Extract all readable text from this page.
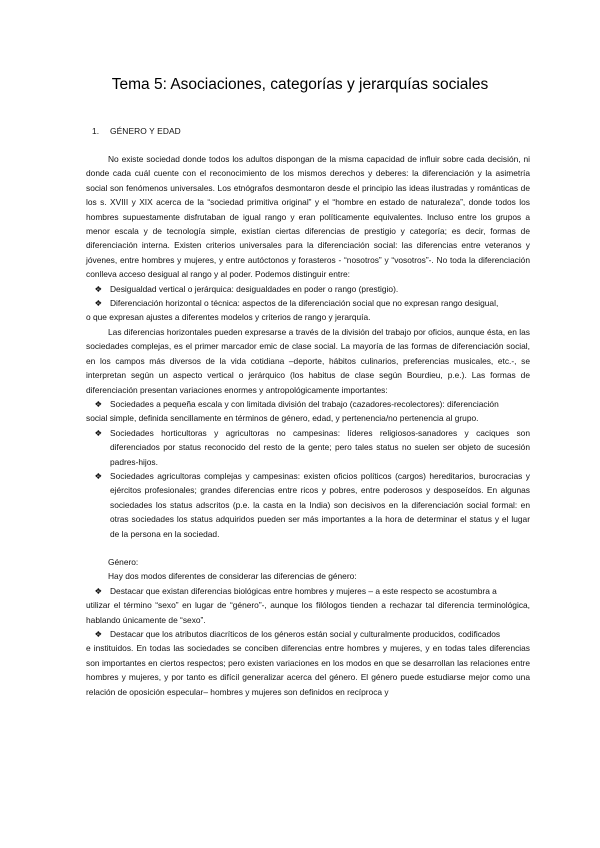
Tema 5: Asociaciones, categorías y jerarquías sociales
1. GÉNERO Y EDAD

No existe sociedad donde todos los adultos dispongan de la misma capacidad de influir sobre cada decisión, ni donde cada cuál cuente con el reconocimiento de los mismos derechos y deberes: la diferenciación y la asimetría social son fenómenos universales. Los etnógrafos desmontaron desde el principio las ideas ilustradas y románticas de los s. XVIII y XIX acerca de la “sociedad primitiva original” y el “hombre en estado de naturaleza”, donde todos los hombres supuestamente disfrutaban de igual rango y eran políticamente equivalentes. Incluso entre los grupos a menor escala y de tecnología simple, existían ciertas diferencias de prestigio y categoría; es decir, formas de diferenciación interna. Existen criterios universales para la diferenciación social: las diferencias entre veteranos y jóvenes, entre hombres y mujeres, y entre autóctonos y forasteros - “nosotros” y “vosotros”-. No toda la diferenciación conlleva acceso desigual al rango y al poder. Podemos distinguir entre:

❖ Desigualdad vertical o jerárquica: desigualdades en poder o rango (prestigio).
❖ Diferenciación horizontal o técnica: aspectos de la diferenciación social que no expresan rango desigual,

o que expresan ajustes a diferentes modelos y criterios de rango y jerarquía.

Las diferencias horizontales pueden expresarse a través de la división del trabajo por oficios, aunque ésta, en las sociedades complejas, es el primer marcador emic de clase social. La mayoría de las formas de diferenciación social, en los campos más diversos de la vida cotidiana –deporte, hábitos culinarios, preferencias musicales, etc.-, se interpretan según un aspecto vertical o jerárquico (los habitus de clase según Bourdieu, p.e.). Las formas de diferenciación presentan variaciones enormes y antropológicamente importantes:

❖ Sociedades a pequeña escala y con limitada división del trabajo (cazadores-recolectores): diferenciación

social simple, definida sencillamente en términos de género, edad, y pertenencia/no pertenencia al grupo.

❖ Sociedades horticultoras y agricultoras no campesinas: líderes religiosos-sanadores y caciques son diferenciados por status reconocido del resto de la gente; pero tales status no suelen ser objeto de sucesión padres-hijos.
❖ Sociedades agricultoras complejas y campesinas: existen oficios políticos (cargos) hereditarios, burocracias y ejércitos profesionales; grandes diferencias entre ricos y pobres, entre poderosos y desposeídos. En algunas sociedades los status adscritos (p.e. la casta en la India) son decisivos en la diferenciación social formal: en otras sociedades los status adquiridos pueden ser más importantes a la hora de determinar el status y el lugar de la persona en la sociedad.

Género:

Hay dos modos diferentes de considerar las diferencias de género:

❖ Destacar que existan diferencias biológicas entre hombres y mujeres – a este respecto se acostumbra a

utilizar el término “sexo” en lugar de “género”-, aunque los filólogos tienden a rechazar tal diferencia terminológica, hablando únicamente de “sexo”.

❖ Destacar que los atributos diacríticos de los géneros están social y culturalmente producidos, codificados

e instituidos. En todas las sociedades se conciben diferencias entre hombres y mujeres, y en todas tales diferencias son importantes en ciertos respectos; pero existen variaciones en los modos en que se desarrollan las relaciones entre hombres y mujeres, y por tanto es difícil generalizar acerca del género. El género puede estudiarse mejor como una relación de oposición especular– hombres y mujeres son definidos en recíproca y
